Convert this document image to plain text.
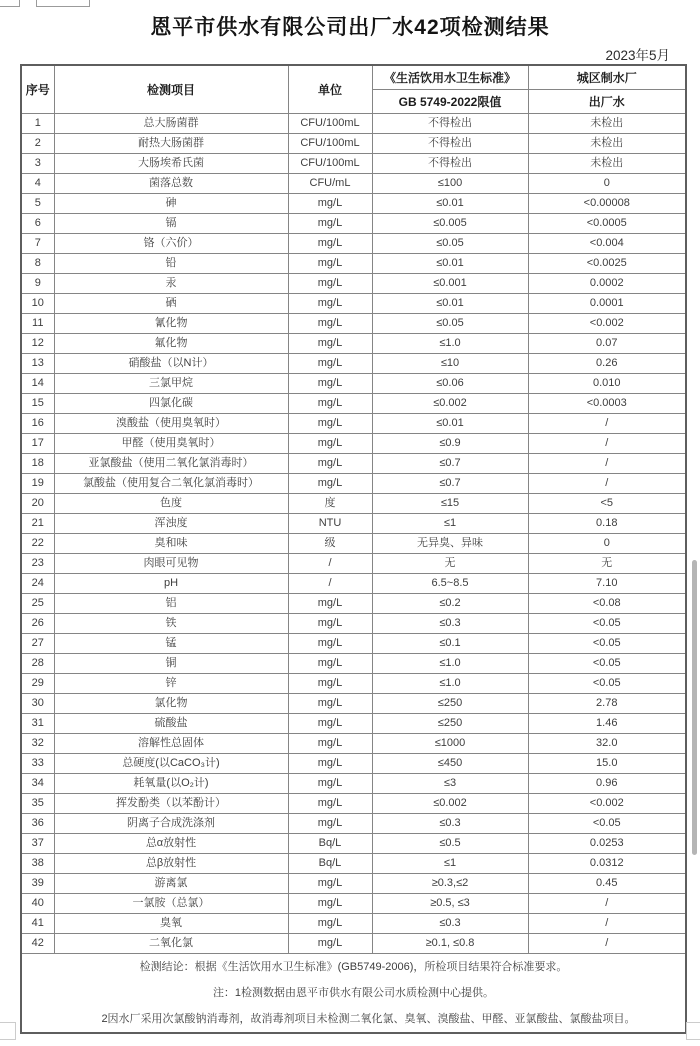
恩平市供水有限公司出厂水42项检测结果
2023年5月
序号	检测项目	单位	《生活饮用水卫生标准》	城区制水厂
			GB 5749-2022限值	出厂水
1	总大肠菌群	CFU/100mL	不得检出	未检出
2	耐热大肠菌群	CFU/100mL	不得检出	未检出
3	大肠埃希氏菌	CFU/100mL	不得检出	未检出
4	菌落总数	CFU/mL	≤100	0
5	砷	mg/L	≤0.01	<0.00008
6	镉	mg/L	≤0.005	<0.0005
7	铬（六价）	mg/L	≤0.05	<0.004
8	铅	mg/L	≤0.01	<0.0025
9	汞	mg/L	≤0.001	0.0002
10	硒	mg/L	≤0.01	0.0001
11	氰化物	mg/L	≤0.05	<0.002
12	氟化物	mg/L	≤1.0	0.07
13	硝酸盐（以N计）	mg/L	≤10	0.26
14	三氯甲烷	mg/L	≤0.06	0.010
15	四氯化碳	mg/L	≤0.002	<0.0003
16	溴酸盐（使用臭氧时）	mg/L	≤0.01	/
17	甲醛（使用臭氧时）	mg/L	≤0.9	/
18	亚氯酸盐（使用二氧化氯消毒时）	mg/L	≤0.7	/
19	氯酸盐（使用复合二氧化氯消毒时）	mg/L	≤0.7	/
20	色度	度	≤15	<5
21	浑浊度	NTU	≤1	0.18
22	臭和味	级	无异臭、异味	0
23	肉眼可见物	/	无	无
24	pH	/	6.5~8.5	7.10
25	铝	mg/L	≤0.2	<0.08
26	铁	mg/L	≤0.3	<0.05
27	锰	mg/L	≤0.1	<0.05
28	铜	mg/L	≤1.0	<0.05
29	锌	mg/L	≤1.0	<0.05
30	氯化物	mg/L	≤250	2.78
31	硫酸盐	mg/L	≤250	1.46
32	溶解性总固体	mg/L	≤1000	32.0
33	总硬度(以CaCO₃计)	mg/L	≤450	15.0
34	耗氧量(以O₂计)	mg/L	≤3	0.96
35	挥发酚类（以苯酚计）	mg/L	≤0.002	<0.002
36	阴离子合成洗涤剂	mg/L	≤0.3	<0.05
37	总α放射性	Bq/L	≤0.5	0.0253
38	总β放射性	Bq/L	≤1	0.0312
39	游离氯	mg/L	≥0.3,≤2	0.45
40	一氯胺（总氯）	mg/L	≥0.5, ≤3	/
41	臭氧	mg/L	≤0.3	/
42	二氧化氯	mg/L	≥0.1, ≤0.8	/

检测结论：根据《生活饮用水卫生标准》(GB5749-2006)，所检项目结果符合标准要求。
注：1检测数据由恩平市供水有限公司水质检测中心提供。
2因水厂采用次氯酸钠消毒剂，故消毒剂项目未检测二氧化氯、臭氧、溴酸盐、甲醛、亚氯酸盐、氯酸盐项目。				
